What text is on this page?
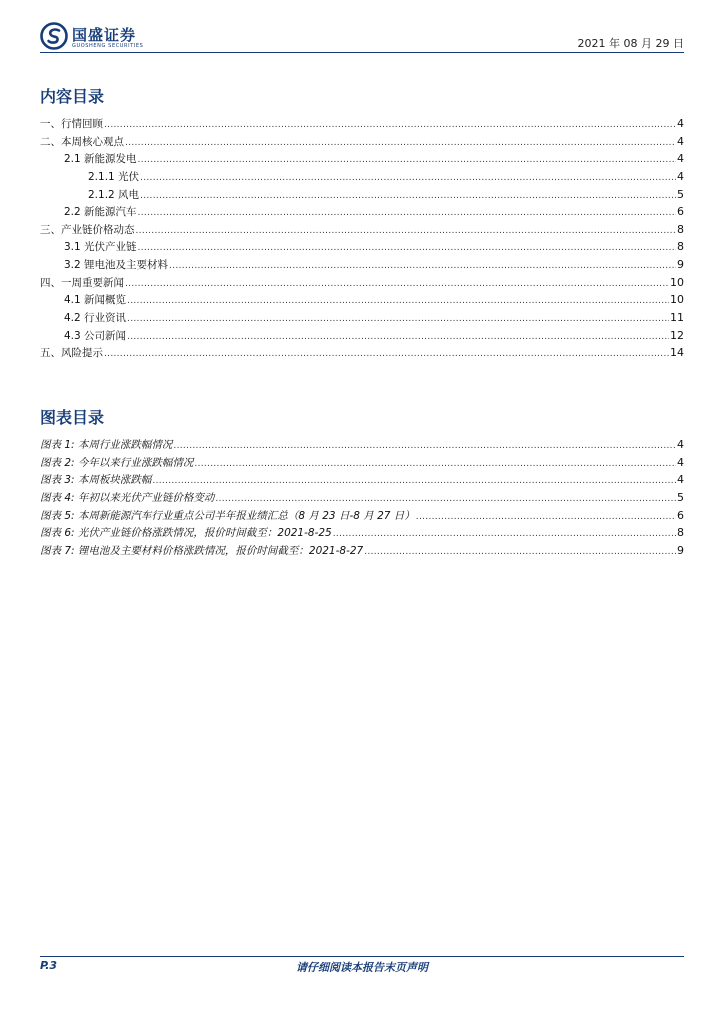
国盛证券
GUOSHENG SECURITIES	2021 年 08 月 29 日
内容目录
一、行情回顾 .....	4
二、本周核心观点 .....	4
2.1 新能源发电 .....	4
2.1.1 光伏 .....	4
2.1.2 风电 .....	5
2.2 新能源汽车 .....	6
三、产业链价格动态 .....	8
3.1 光伏产业链 .....	8
3.2 锂电池及主要材料 .....	9
四、一周重要新闻 .....	10
4.1 新闻概览 .....	10
4.2 行业资讯 .....	11
4.3 公司新闻 .....	12
五、风险提示 .....	14
图表目录
图表 1: 本周行业涨跌幅情况 .....	4
图表 2: 今年以来行业涨跌幅情况 .....	4
图表 3: 本周板块涨跌幅 .....	4
图表 4: 年初以来光伏产业链价格变动 .....	5
图表 5: 本周新能源汽车行业重点公司半年报业绩汇总（8 月 23 日-8 月 27 日） .....	6
图表 6: 光伏产业链价格涨跌情况，报价时间截至：2021-8-25 .....	8
图表 7: 锂电池及主要材料价格涨跌情况，报价时间截至：2021-8-27 .....	9
P.3	请仔细阅读本报告末页声明
